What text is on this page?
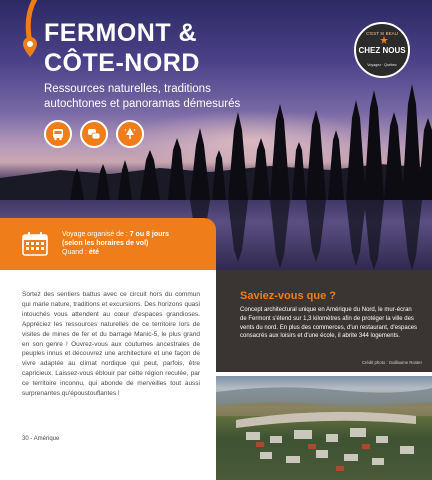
FERMONT &
CÔTE-NORD
Ressources naturelles, traditions autochtones et panoramas démesurés
C'EST SI BEAU
CHEZ NOUS
Voyagez · Québec
Voyage organisé de : 7 ou 8 jours
(selon les horaires de vol)
Quand : été
Sortez des sentiers battus avec ce circuit hors du commun qui marie nature, traditions et excursions. Des horizons quasi intouchés vous attendent au cœur d'espaces grandioses. Appréciez les ressources naturelles de ce territoire lors de visites de mines de fer et du barrage Manic-5, le plus grand en son genre ! Ouvrez-vous aux coutumes ancestrales de peuples innus et découvrez une architecture et une façon de vivre adaptée au climat nordique qui peut, parfois, être capricieux. Laissez-vous éblouir par cette région reculée, par ce territoire inconnu, qui abonde de merveilles tout aussi surprenantes qu'époustouflantes !
Saviez-vous que ?
Concept architectural unique en Amérique du Nord, le mur-écran de Fermont s'étend sur 1,3 kilomètres afin de protéger la ville des vents du nord. En plus des commerces, d'un restaurant, d'espaces consacrés aux loisirs et d'une école, il abrite 344 logements.
Crédit photo : Guillaume Roster
30 - Amérique
